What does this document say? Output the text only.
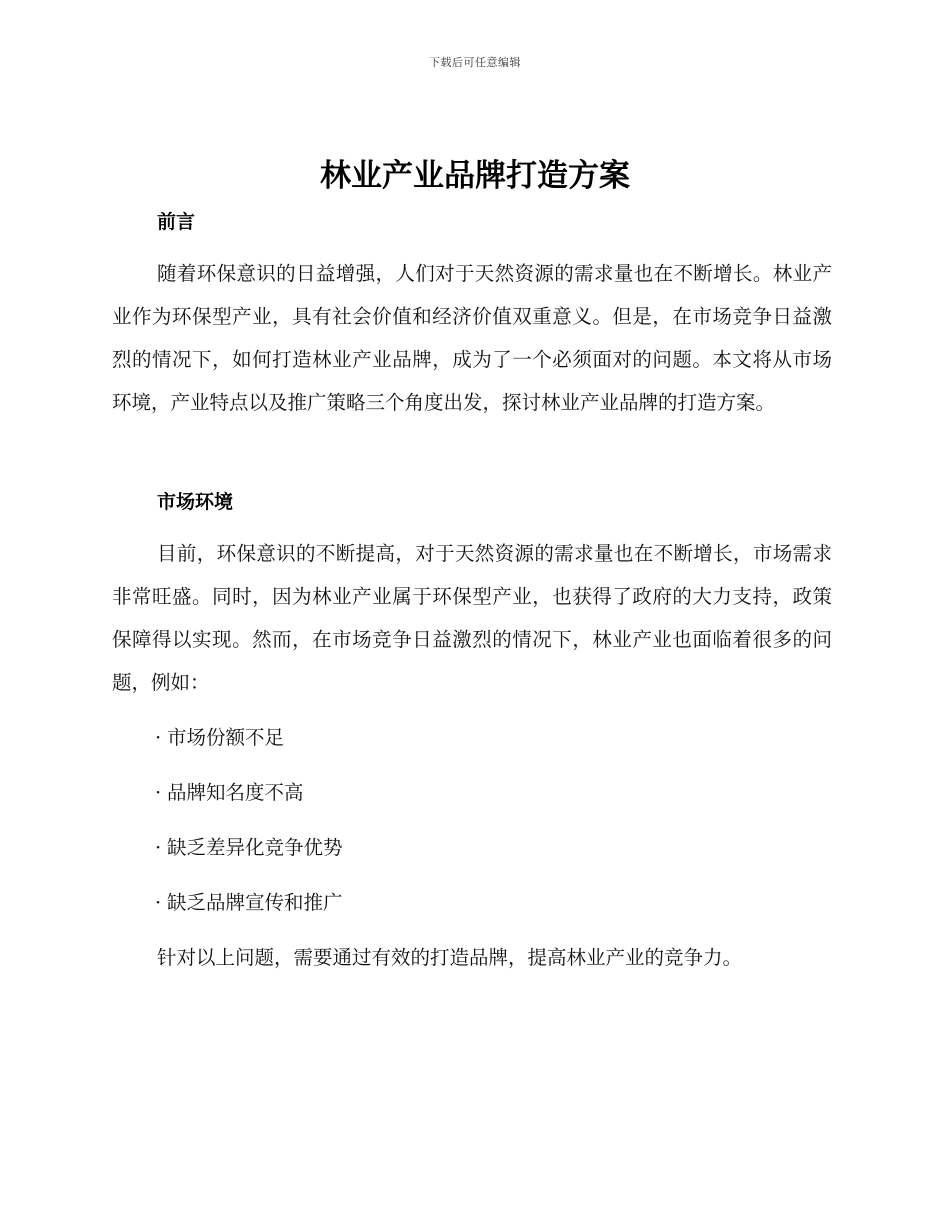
下载后可任意编辑
林业产业品牌打造方案
前言

随着环保意识的日益增强，人们对于天然资源的需求量也在不断增长。林业产业作为环保型产业，具有社会价值和经济价值双重意义。但是，在市场竞争日益激烈的情况下，如何打造林业产业品牌，成为了一个必须面对的问题。本文将从市场环境，产业特点以及推广策略三个角度出发，探讨林业产业品牌的打造方案。

市场环境

目前，环保意识的不断提高，对于天然资源的需求量也在不断增长，市场需求非常旺盛。同时，因为林业产业属于环保型产业，也获得了政府的大力支持，政策保障得以实现。然而，在市场竞争日益激烈的情况下，林业产业也面临着很多的问题，例如：

· 市场份额不足
· 品牌知名度不高
· 缺乏差异化竞争优势
· 缺乏品牌宣传和推广

针对以上问题，需要通过有效的打造品牌，提高林业产业的竞争力。
